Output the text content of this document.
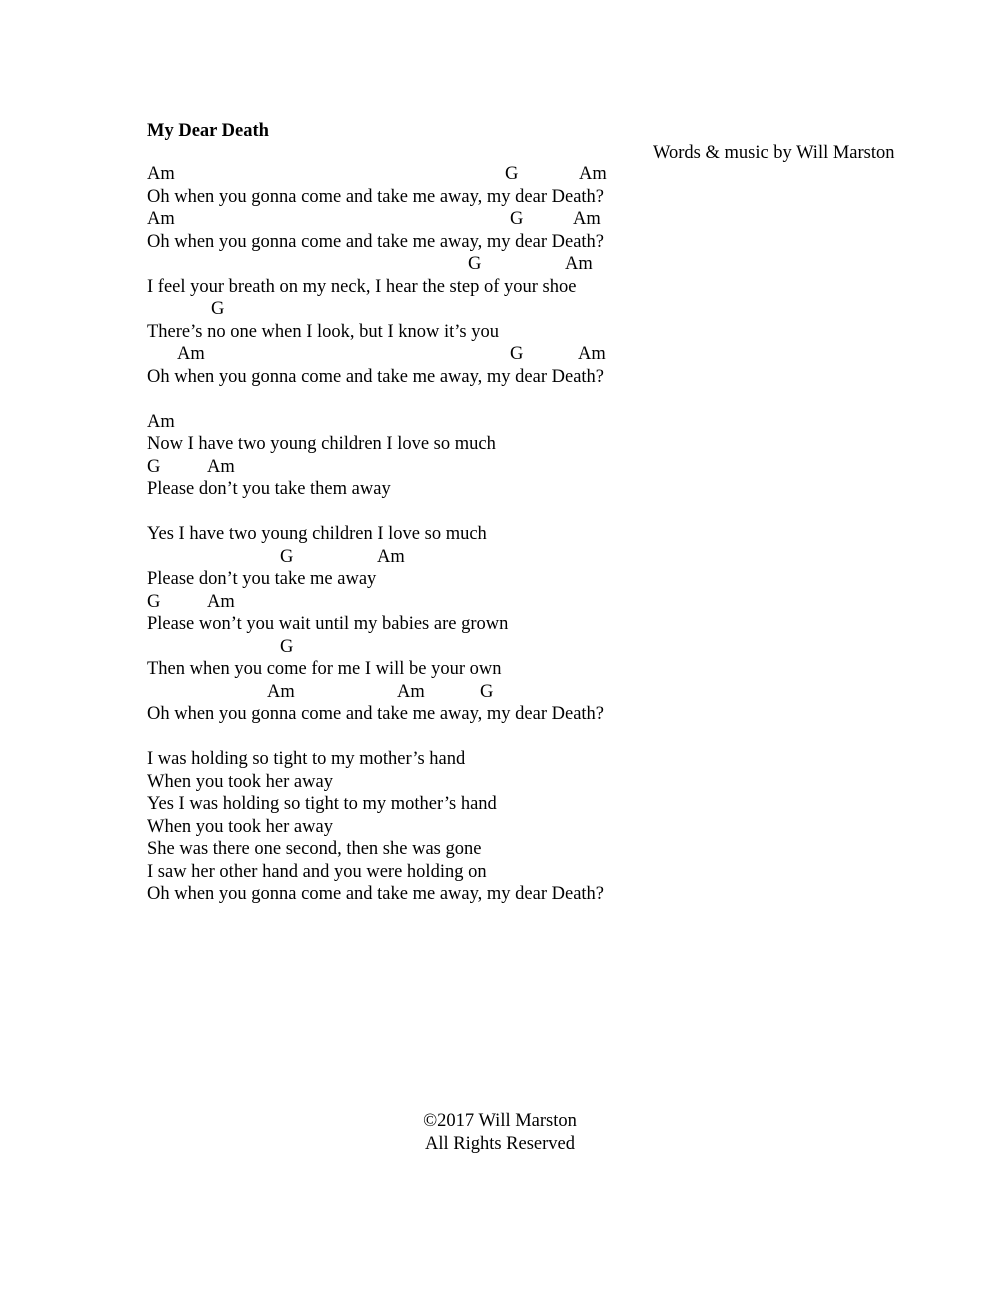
My Dear Death
Words & music by Will Marston
Am	G	Am
Oh when you gonna come and take me away, my dear Death?
Am	G	Am
Oh when you gonna come and take me away, my dear Death?
G	Am
I feel your breath on my neck, I hear the step of your shoe
G
There’s no one when I look, but I know it’s you
Am	G	Am
Oh when you gonna come and take me away, my dear Death?
Am
Now I have two young children I love so much
G	Am
Please don’t you take them away
Yes I have two young children I love so much
G	Am
Please don’t you take me away
G	Am
Please won’t you wait until my babies are grown
G
Then when you come for me I will be your own
Am	G
Am
Oh when you gonna come and take me away, my dear Death?
I was holding so tight to my mother’s hand
When you took her away
Yes I was holding so tight to my mother’s hand
When you took her away
She was there one second, then she was gone
I saw her other hand and you were holding on
Oh when you gonna come and take me away, my dear Death?
©2017 Will Marston
All Rights Reserved
